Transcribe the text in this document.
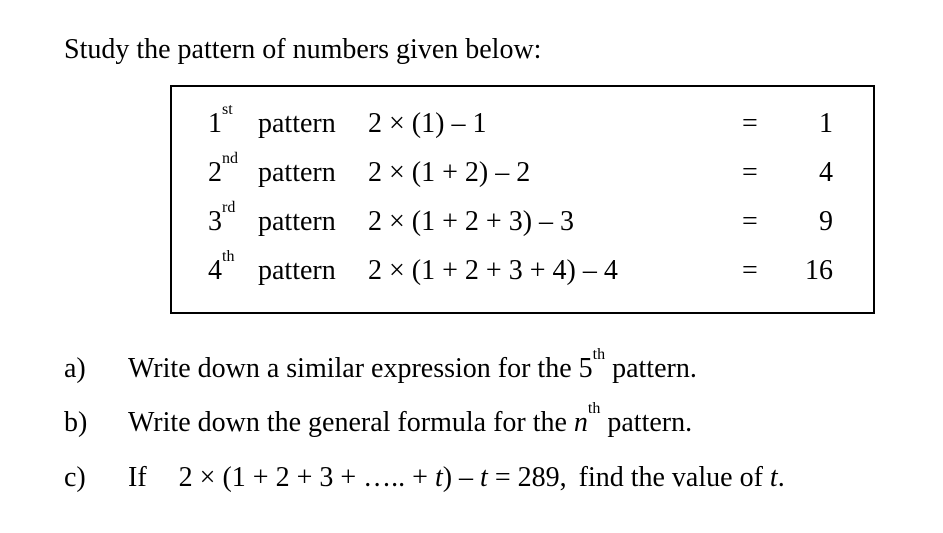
Study the pattern of numbers given below:
1st pattern 2 × (1) – 1	= 1
2nd pattern 2 × (1 + 2) – 2	= 4
3rd pattern 2 × (1 + 2 + 3) – 3	= 9
4th pattern 2 × (1 + 2 + 3 + 4) – 4	= 16
a) Write down a similar expression for the 5th pattern.
b) Write down the general formula for the $n^{th}$ pattern.
c) If 2 × (1 + 2 + 3 + ….. + t) – t = 289, find the value of t.
